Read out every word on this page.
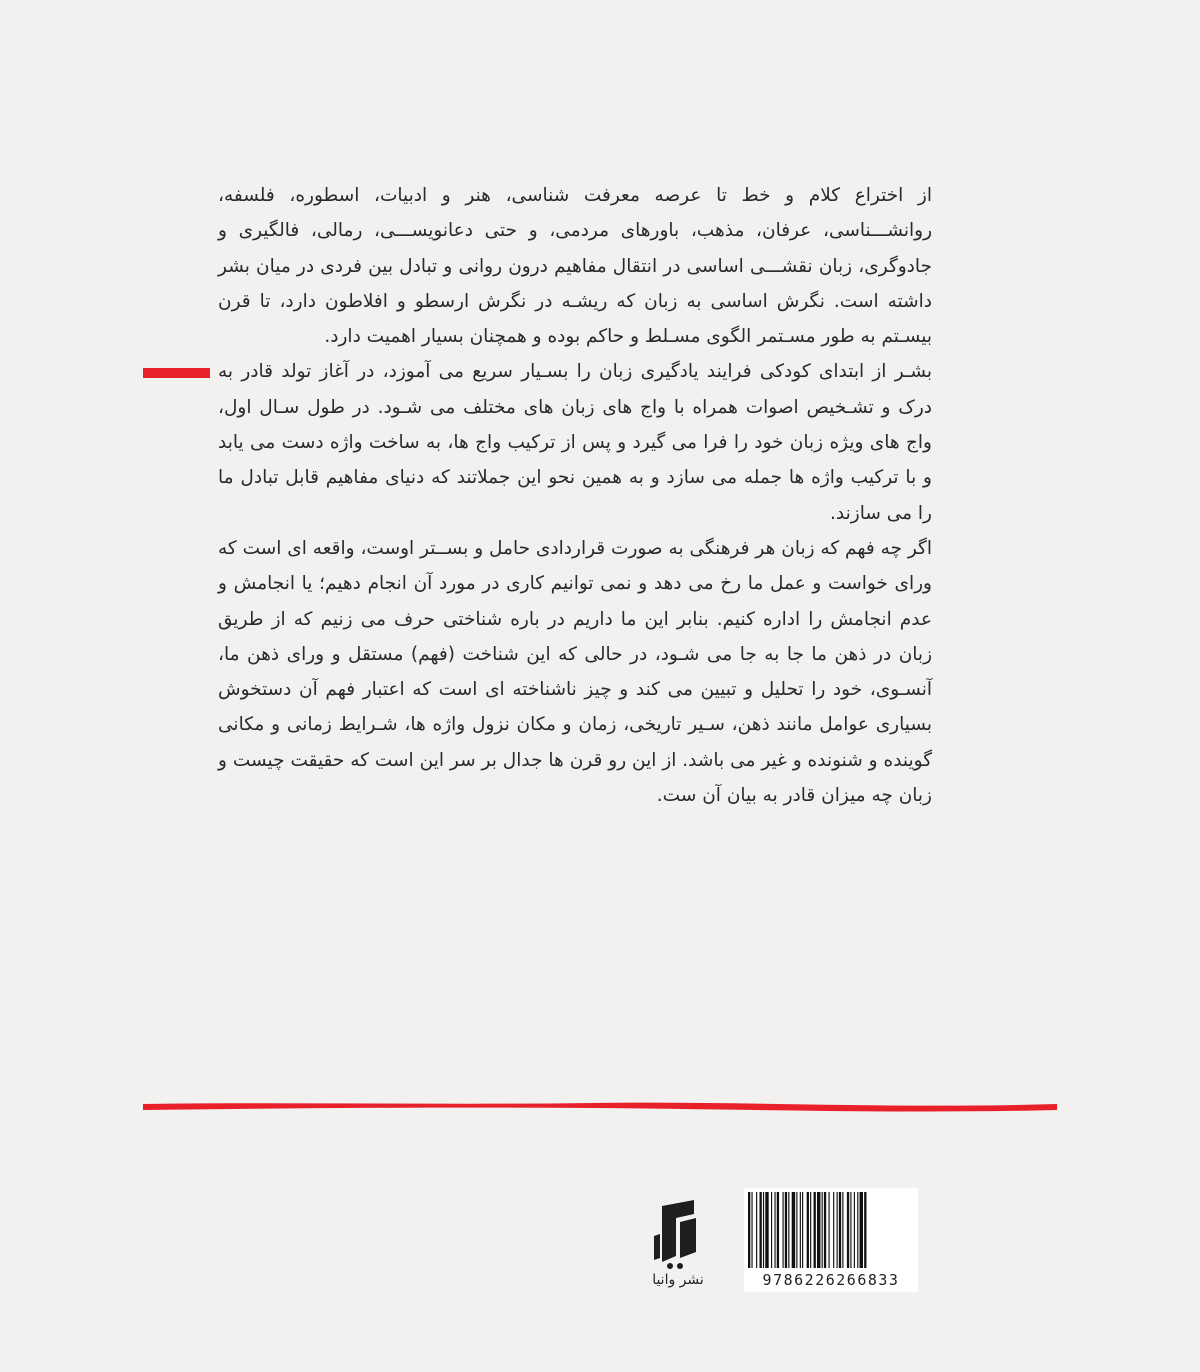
از اختراع کلام و خط تا عرصه معرفت شناسی، هنر و ادبیات، اسطوره، فلسفه، روانشـــناسی، عرفان، مذهب، باورهای مردمی، و حتی دعانویســـی، رمالی، فالگیری و جادوگری، زبان نقشـــی اساسی در انتقال مفاهیم درون روانی و تبادل بین فردی در میان بشر داشته است. نگرش اساسی به زبان که ریشـه در نگرش ارسطو و افلاطون دارد، تا قرن بیسـتم به طور مسـتمر الگوی مسـلط و حاکم بوده و همچنان بسیار اهمیت دارد.

بشـر از ابتدای کودکی فرایند یادگیری زبان را بسـیار سریع می آموزد، در آغاز تولد قادر به درک و تشـخیص اصوات همراه با واج های زبان های مختلف می شـود. در طول سـال اول، واج های ویژه زبان خود را فرا می گیرد و پس از ترکیب واج ها، به ساخت واژه دست می یابد و با ترکیب واژه ها جمله می سازد و به همین نحو این جملاتند که دنیای مفاهیم قابل تبادل ما را می سازند.

اگر چه فهم که زبان هر فرهنگی به صورت قراردادی حامل و بســتر اوست، واقعه ای است که ورای خواست و عمل ما رخ می دهد و نمی توانیم کاری در مورد آن انجام دهیم؛ یا انجامش و عدم انجامش را اداره کنیم. بنابر این ما داریم در باره شناختی حرف می زنیم که از طریق زبان در ذهن ما جا به جا می شـود، در حالی که این شناخت (فهم) مستقل و ورای ذهن ما، آنسـوی، خود را تحلیل و تبیین می کند و چیز ناشناخته ای است که اعتبار فهم آن دستخوش بسیاری عوامل مانند ذهن، سـیر تاریخی، زمان و مکان نزول واژه ها، شـرایط زمانی و مکانی گوینده و شنونده و غیر می باشد. از این رو قرن ها جدال بر سر این است که حقیقت چیست و زبان چه میزان قادر به بیان آن ست.

نشر وانیا	9786226266833
